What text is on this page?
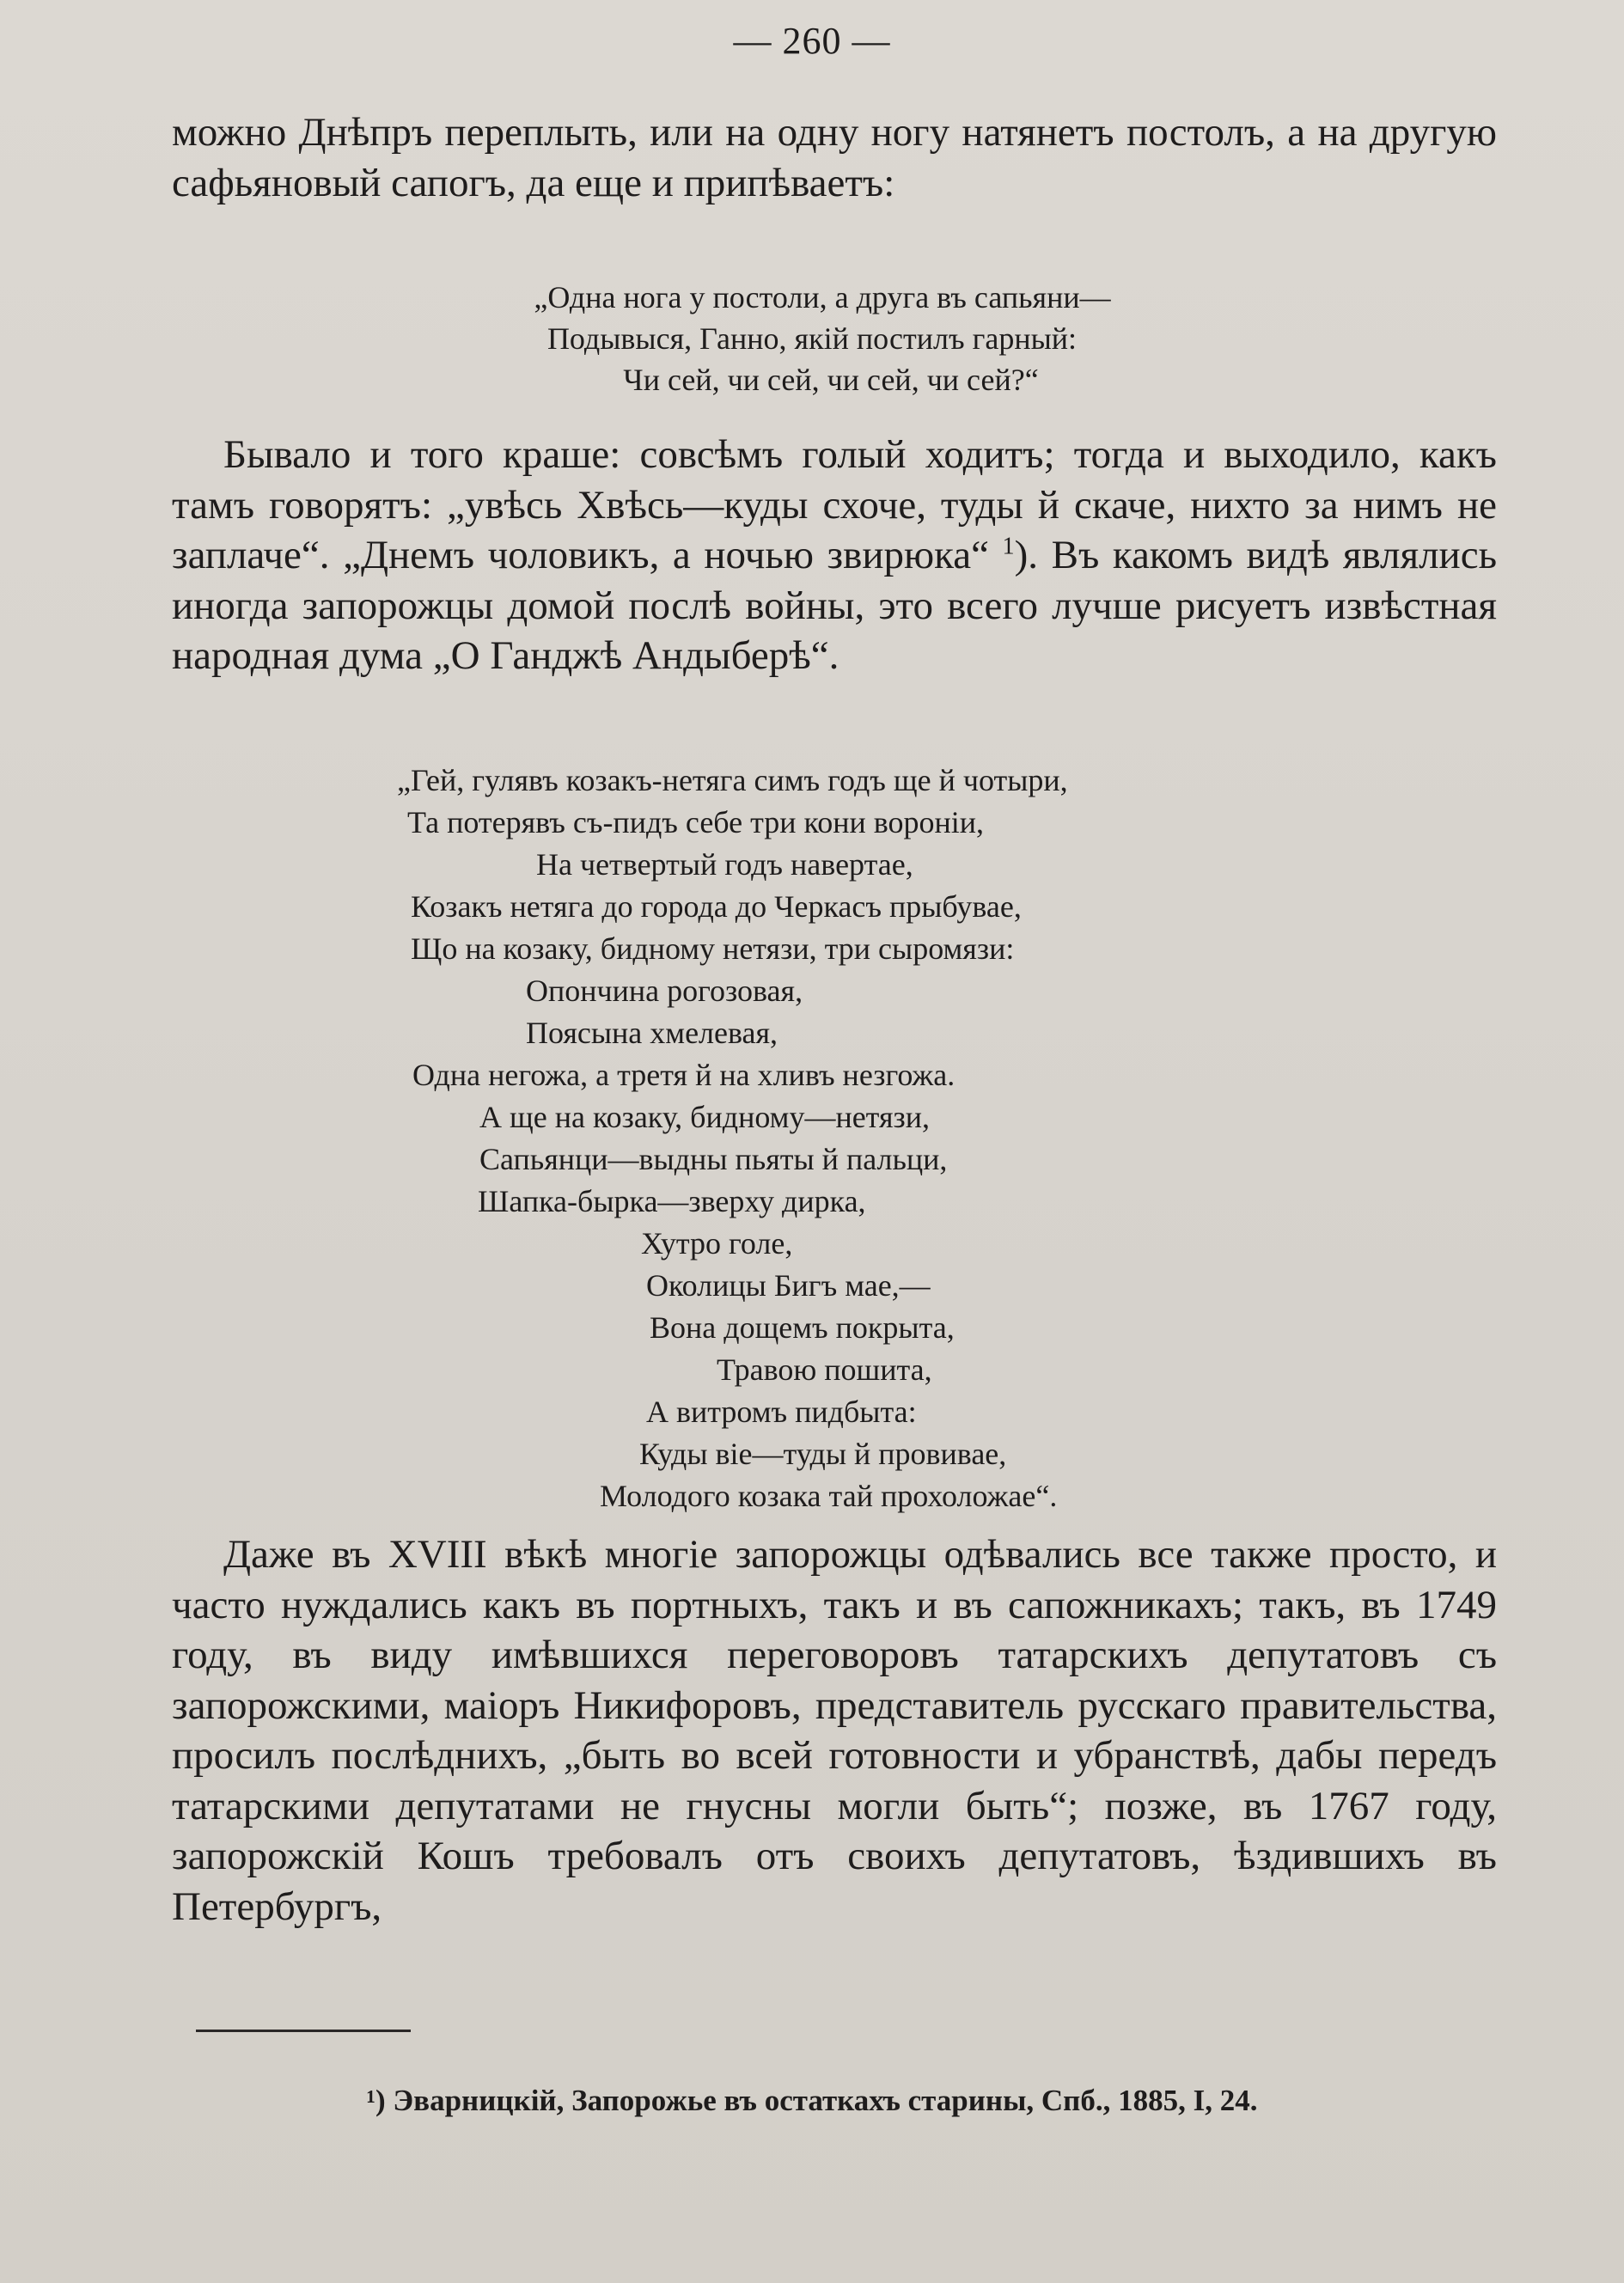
— 260 —

можно Днѣпръ переплыть, или на одну ногу натянетъ постолъ, а на другую сафьяновый сапогъ, да еще и припѣваетъ:

„Одна нога у постоли, а друга въ сапьяни—
Подывыся, Ганно, якій постилъ гарный:
Чи сей, чи сей, чи сей, чи сей?“

Бывало и того краше: совсѣмъ голый ходитъ; тогда и выходило, какъ тамъ говорятъ: „увѣсь Хвѣсь—куды схоче, туды й скаче, нихто за нимъ не заплаче“. „Днемъ чоловикъ, а ночью звирюка“ $^1$). Въ какомъ видѣ являлись иногда запорожцы домой послѣ войны, это всего лучше рисуетъ извѣстная народная дума „О Ганджѣ Андыберѣ“.

„Гей, гулявъ козакъ-нетяга симъ годъ ще й чотыри,
Та потерявъ съ-пидъ себе три кони вороніи,
На четвертый годъ навертае,
Козакъ нетяга до города до Черкасъ прыбувае,
Що на козаку, бидному нетязи, три сыромязи:
Опончина рогозовая,
Поясына хмелевая,
Одна негожа, а третя й на хливъ незгожа.
А ще на козаку, бидному—нетязи,
Сапьянци—выдны пьяты й пальци,
Шапка-бырка—зверху дирка,
Хутро голе,
Околицы Бигъ мае,—
Вона дощемъ покрыта,
Травою пошита,
А витромъ пидбыта:
Куды віе—туды й провивае,
Молодого козака тай прохоложае“.

Даже въ XVIII вѣкѣ многіе запорожцы одѣвались все также просто, и часто нуждались какъ въ портныхъ, такъ и въ сапожникахъ; такъ, въ 1749 году, въ виду имѣвшихся переговоровъ татарскихъ депутатовъ съ запорожскими, маіоръ Никифоровъ, представитель русскаго правительства, просилъ послѣднихъ, „быть во всей готовности и убранствѣ, дабы передъ татарскими депутатами не гнусны могли быть“; позже, въ 1767 году, запорожскій Кошъ требовалъ отъ своихъ депутатовъ, ѣздившихъ въ Петербургъ,

¹) Эварницкій, Запорожье въ остаткахъ старины, Спб., 1885, I, 24.
